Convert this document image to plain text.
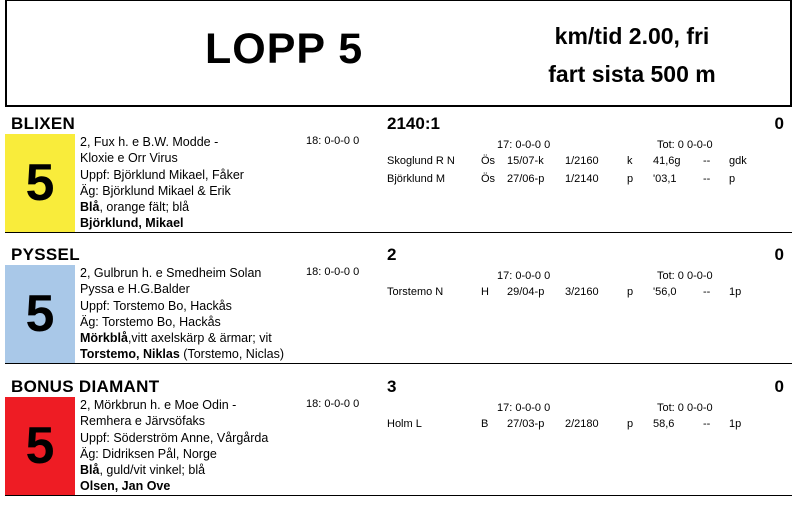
LOPP 5	km/tid 2.00, fri
fart sista 500 m
BLIXEN	2140:1	0
5
2, Fux h. e B.W. Modde -
Kloxie e Orr Virus
Uppf: Björklund Mikael, Fåker
Äg: Björklund Mikael & Erik
Blå, orange fält; blå
Björklund, Mikael
18: 0-0-0 0	17: 0-0-0 0	Tot: 0 0-0-0
Skoglund R N Ös 15/07-k 1/2160	k 41,6g -- gdk
Björklund M	Ös 27/06-p 1/2140	p '03,1 -- p
PYSSEL	2	0
5
2, Gulbrun h. e Smedheim Solan
Pyssa e H.G.Balder
Uppf: Torstemo Bo, Hackås
Äg: Torstemo Bo, Hackås
Mörkblå,vitt axelskärp & ärmar; vit
Torstemo, Niklas (Torstemo, Niclas)
18: 0-0-0 0	17: 0-0-0 0	Tot: 0 0-0-0
Torstemo N	H 29/04-p 3/2160	p '56,0 -- 1p
BONUS DIAMANT	3	0
5
2, Mörkbrun h. e Moe Odin -
Remhera e Järvsöfaks
Uppf: Söderström Anne, Vårgårda
Äg: Didriksen Pål, Norge
Blå, guld/vit vinkel; blå
Olsen, Jan Ove
18: 0-0-0 0	17: 0-0-0 0	Tot: 0 0-0-0
Holm L	B 27/03-p 2/2180	p 58,6	-- 1p
